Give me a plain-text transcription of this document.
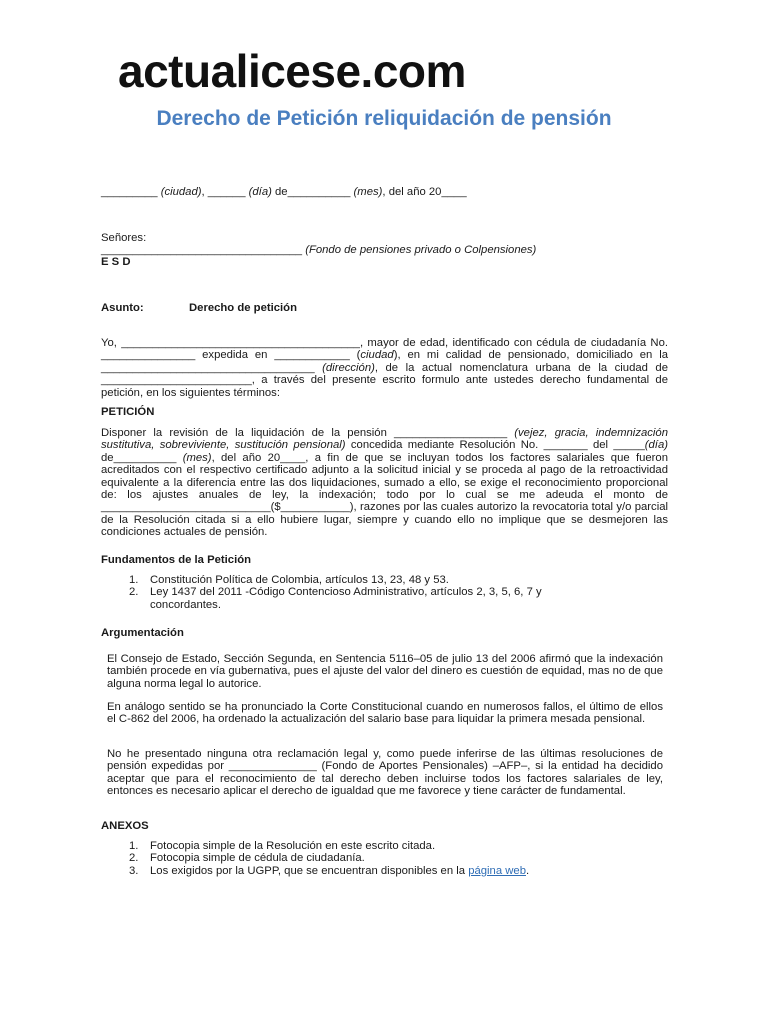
actualicese.com
Derecho de Petición reliquidación de pensión
_________ (ciudad), ______ (día) de__________ (mes), del año 20____
Señores:
________________________________ (Fondo de pensiones privado o Colpensiones)
E S D
Asunto:	Derecho de petición
Yo, ______________________________________, mayor de edad, identificado con cédula de ciudadanía No. _______________ expedida en ____________ (ciudad), en mi calidad de pensionado, domiciliado en la __________________________________ (dirección), de la actual nomenclatura urbana de la ciudad de ________________________, a través del presente escrito formulo ante ustedes derecho fundamental de petición, en los siguientes términos:
PETICIÓN
Disponer la revisión de la liquidación de la pensión __________________ (vejez, gracia, indemnización sustitutiva, sobreviviente, sustitución pensional) concedida mediante Resolución No. _______ del _____(día) de__________ (mes), del año 20____, a fin de que se incluyan todos los factores salariales que fueron acreditados con el respectivo certificado adjunto a la solicitud inicial y se proceda al pago de la retroactividad equivalente a la diferencia entre las dos liquidaciones, sumado a ello, se exige el reconocimiento proporcional de: los ajustes anuales de ley, la indexación; todo por lo cual se me adeuda el monto de ___________________________($___________), razones por las cuales autorizo la revocatoria total y/o parcial de la Resolución citada si a ello hubiere lugar, siempre y cuando ello no implique que se desmejoren las condiciones actuales de pensión.
Fundamentos de la Petición
1. Constitución Política de Colombia, artículos 13, 23, 48 y 53.
2. Ley 1437 del 2011 -Código Contencioso Administrativo, artículos 2, 3, 5, 6, 7 y concordantes.
Argumentación
El Consejo de Estado, Sección Segunda, en Sentencia 5116–05 de julio 13 del 2006 afirmó que la indexación también procede en vía gubernativa, pues el ajuste del valor del dinero es cuestión de equidad, mas no de que alguna norma legal lo autorice.
En análogo sentido se ha pronunciado la Corte Constitucional cuando en numerosos fallos, el último de ellos el C-862 del 2006, ha ordenado la actualización del salario base para liquidar la primera mesada pensional.
No he presentado ninguna otra reclamación legal y, como puede inferirse de las últimas resoluciones de pensión expedidas por ______________ (Fondo de Aportes Pensionales) –AFP–, si la entidad ha decidido aceptar que para el reconocimiento de tal derecho deben incluirse todos los factores salariales de ley, entonces es necesario aplicar el derecho de igualdad que me favorece y tiene carácter de fundamental.
ANEXOS
1. Fotocopia simple de la Resolución en este escrito citada.
2. Fotocopia simple de cédula de ciudadanía.
3. Los exigidos por la UGPP, que se encuentran disponibles en la página web.
